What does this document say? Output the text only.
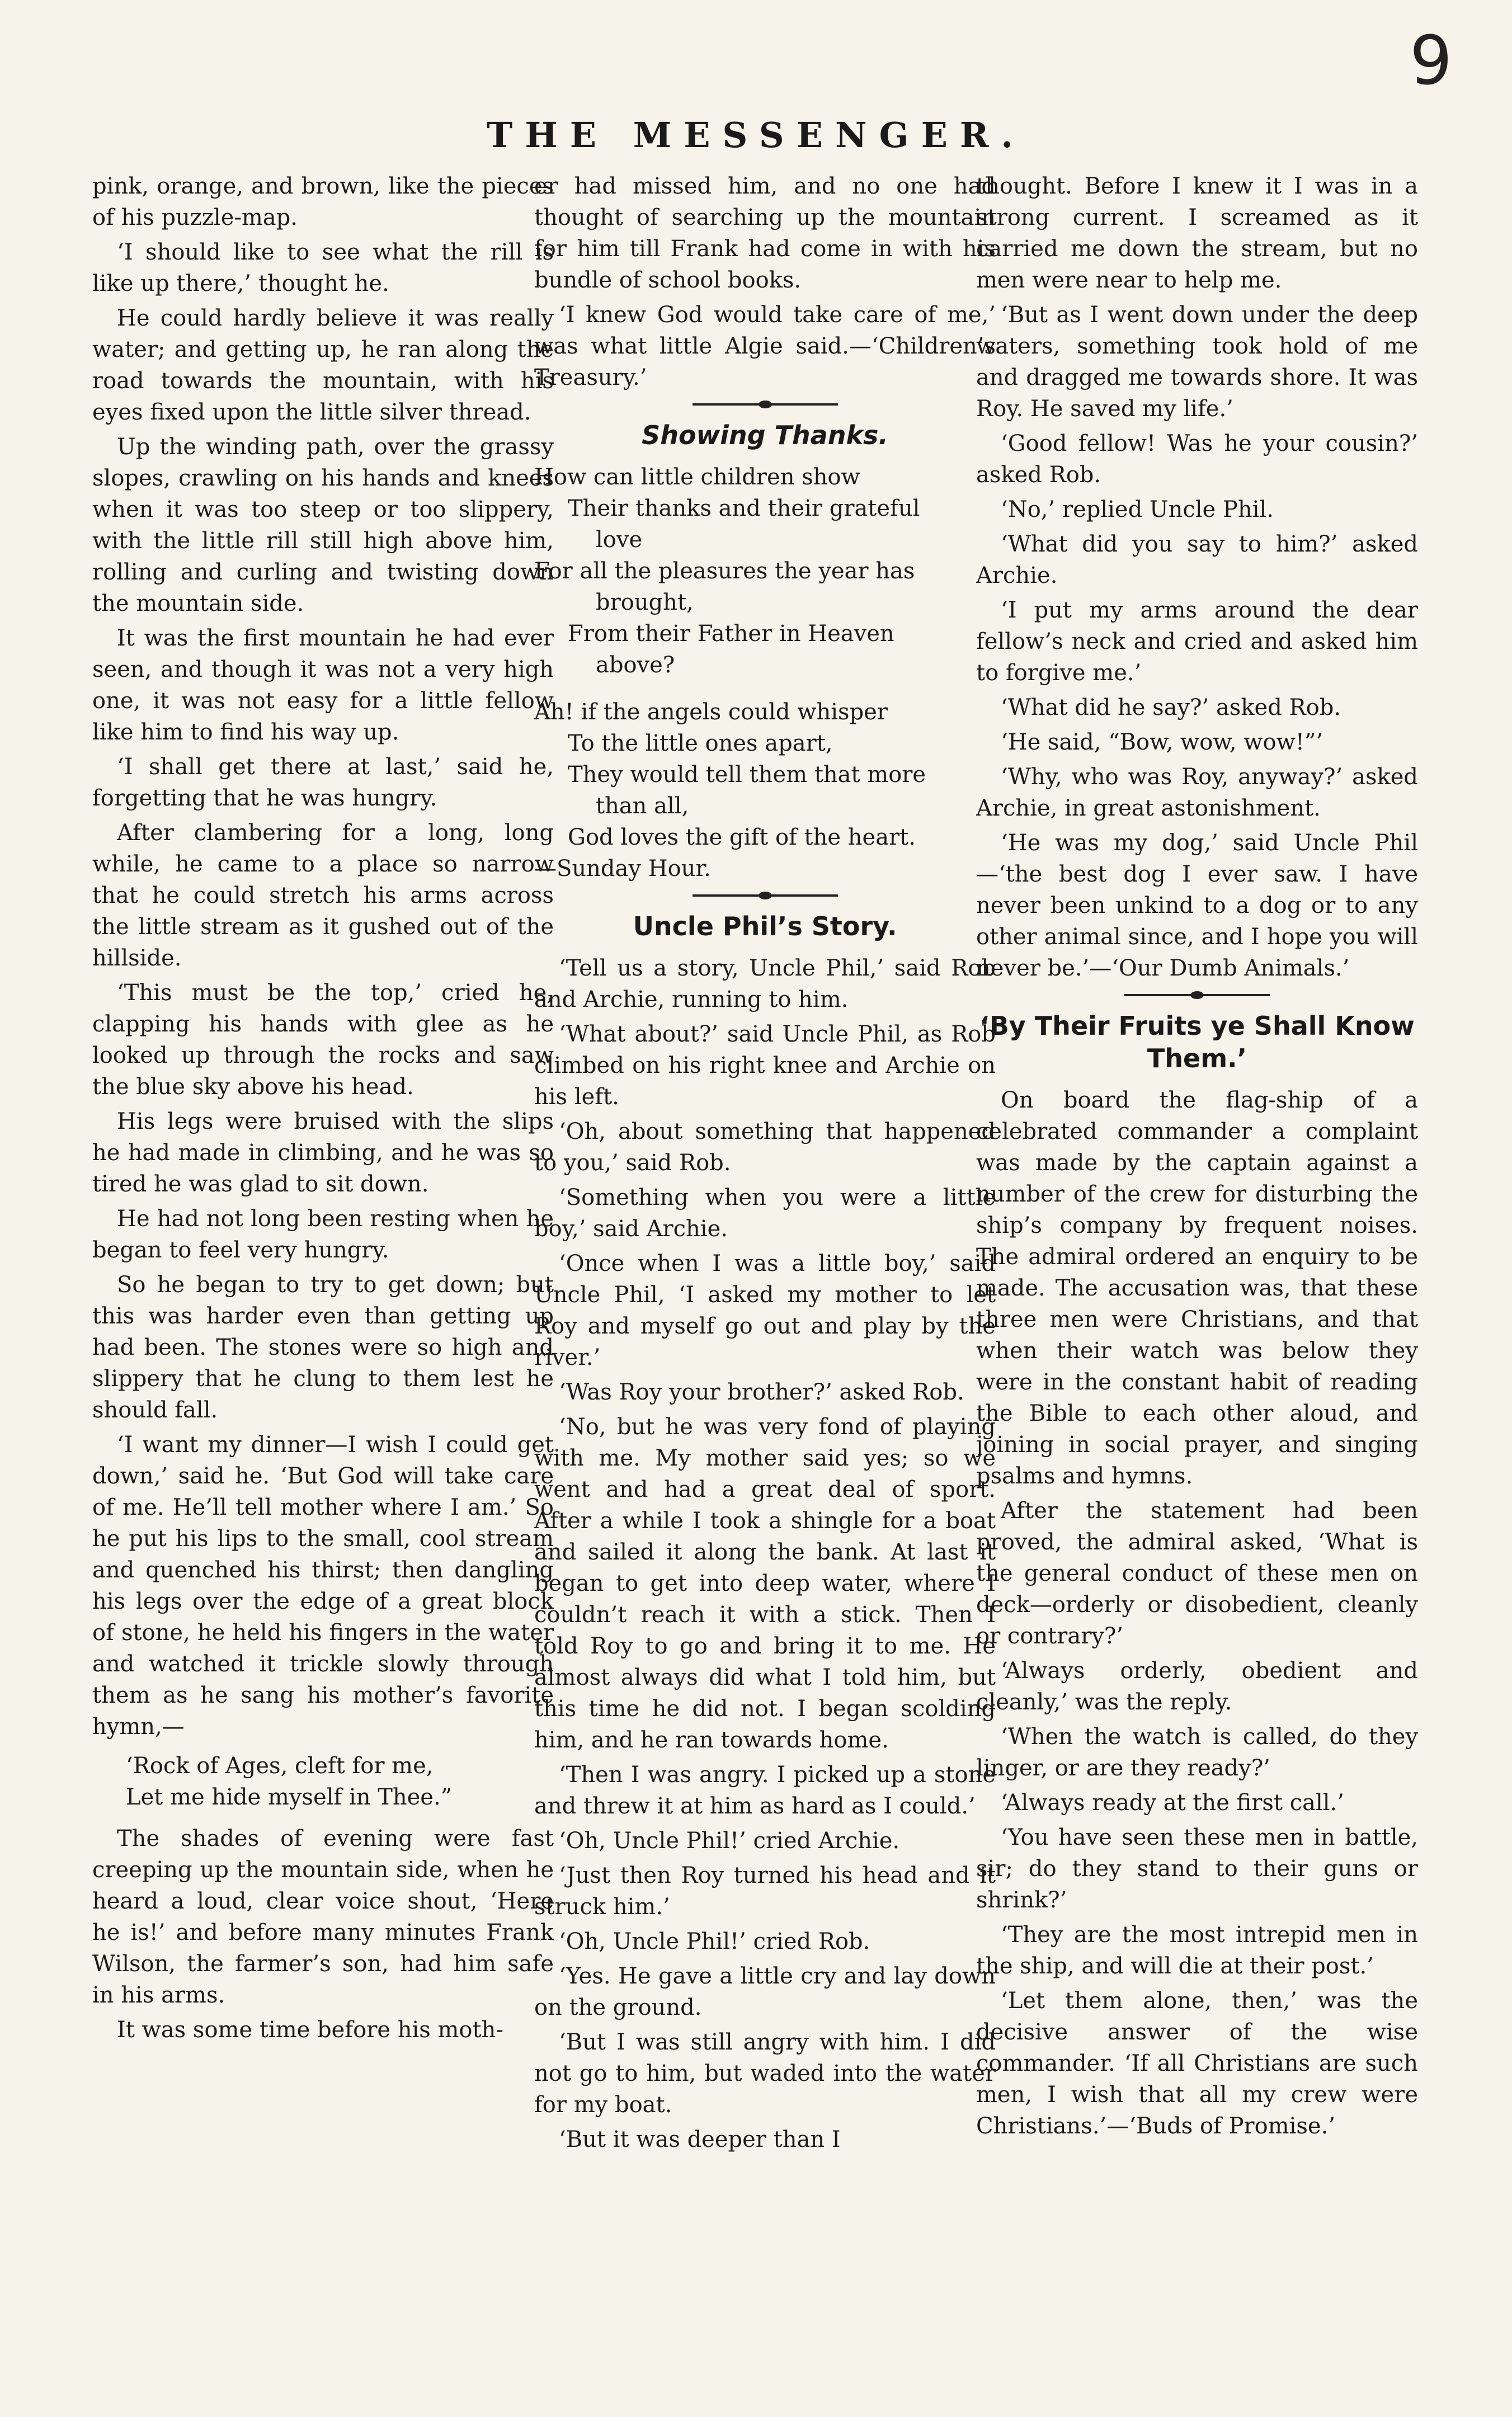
9
THE MESSENGER.

pink, orange, and brown, like the pieces of his puzzle-map.

‘I should like to see what the rill is like up there,’ thought he.

He could hardly believe it was really water; and getting up, he ran along the road towards the mountain, with his eyes fixed upon the little silver thread.

Up the winding path, over the grassy slopes, crawling on his hands and knees when it was too steep or too slippery, with the little rill still high above him, rolling and curling and twisting down the mountain side.

It was the first mountain he had ever seen, and though it was not a very high one, it was not easy for a little fellow like him to find his way up.

‘I shall get there at last,’ said he, forgetting that he was hungry.

After clambering for a long, long while, he came to a place so narrow that he could stretch his arms across the little stream as it gushed out of the hillside.

‘This must be the top,’ cried he, clapping his hands with glee as he looked up through the rocks and saw the blue sky above his head.

His legs were bruised with the slips he had made in climbing, and he was so tired he was glad to sit down.

He had not long been resting when he began to feel very hungry.

So he began to try to get down; but this was harder even than getting up had been. The stones were so high and slippery that he clung to them lest he should fall.

‘I want my dinner—I wish I could get down,’ said he. ‘But God will take care of me. He’ll tell mother where I am.’ So he put his lips to the small, cool stream and quenched his thirst; then dangling his legs over the edge of a great block of stone, he held his fingers in the water and watched it trickle slowly through them as he sang his mother’s favorite hymn,—

‘Rock of Ages, cleft for me,
Let me hide myself in Thee.”

The shades of evening were fast creeping up the mountain side, when he heard a loud, clear voice shout, ‘Here he is!’ and before many minutes Frank Wilson, the farmer’s son, had him safe in his arms.

It was some time before his moth-

er had missed him, and no one had thought of searching up the mountain for him till Frank had come in with his bundle of school books.

‘I knew God would take care of me,’ was what little Algie said.—‘Children’s Treasury.’

Showing Thanks.
How can little children show
Their thanks and their grateful
love
For all the pleasures the year has
brought,
From their Father in Heaven
above?
Ah! if the angels could whisper
To the little ones apart,
They would tell them that more
than all,
God loves the gift of the heart.
—Sunday Hour.
Uncle Phil’s Story.

‘Tell us a story, Uncle Phil,’ said Rob and Archie, running to him.

‘What about?’ said Uncle Phil, as Rob climbed on his right knee and Archie on his left.

‘Oh, about something that happened to you,’ said Rob.

‘Something when you were a little boy,’ said Archie.

‘Once when I was a little boy,’ said Uncle Phil, ‘I asked my mother to let Roy and myself go out and play by the river.’

‘Was Roy your brother?’ asked Rob.

‘No, but he was very fond of playing with me. My mother said yes; so we went and had a great deal of sport. After a while I took a shingle for a boat and sailed it along the bank. At last it began to get into deep water, where I couldn’t reach it with a stick. Then I told Roy to go and bring it to me. He almost always did what I told him, but this time he did not. I began scolding him, and he ran towards home.

‘Then I was angry. I picked up a stone and threw it at him as hard as I could.’

‘Oh, Uncle Phil!’ cried Archie.

‘Just then Roy turned his head and it struck him.’

‘Oh, Uncle Phil!’ cried Rob.

‘Yes. He gave a little cry and lay down on the ground.

‘But I was still angry with him. I did not go to him, but waded into the water for my boat.

‘But it was deeper than I

thought. Before I knew it I was in a strong current. I screamed as it carried me down the stream, but no men were near to help me.

‘But as I went down under the deep waters, something took hold of me and dragged me towards shore. It was Roy. He saved my life.’

‘Good fellow! Was he your cousin?’ asked Rob.

‘No,’ replied Uncle Phil.

‘What did you say to him?’ asked Archie.

‘I put my arms around the dear fellow’s neck and cried and asked him to forgive me.’

‘What did he say?’ asked Rob.

‘He said, “Bow, wow, wow!”’

‘Why, who was Roy, anyway?’ asked Archie, in great astonishment.

‘He was my dog,’ said Uncle Phil —‘the best dog I ever saw. I have never been unkind to a dog or to any other animal since, and I hope you will never be.’—‘Our Dumb Animals.’

‘By Their Fruits ye Shall Know Them.’

On board the flag-ship of a celebrated commander a complaint was made by the captain against a number of the crew for disturbing the ship’s company by frequent noises. The admiral ordered an enquiry to be made. The accusation was, that these three men were Christians, and that when their watch was below they were in the constant habit of reading the Bible to each other aloud, and joining in social prayer, and singing psalms and hymns.

After the statement had been proved, the admiral asked, ‘What is the general conduct of these men on deck—orderly or disobedient, cleanly or contrary?’

‘Always orderly, obedient and cleanly,’ was the reply.

‘When the watch is called, do they linger, or are they ready?’

‘Always ready at the first call.’

‘You have seen these men in battle, sir; do they stand to their guns or shrink?’

‘They are the most intrepid men in the ship, and will die at their post.’

‘Let them alone, then,’ was the decisive answer of the wise commander. ‘If all Christians are such men, I wish that all my crew were Christians.’—‘Buds of Promise.’
